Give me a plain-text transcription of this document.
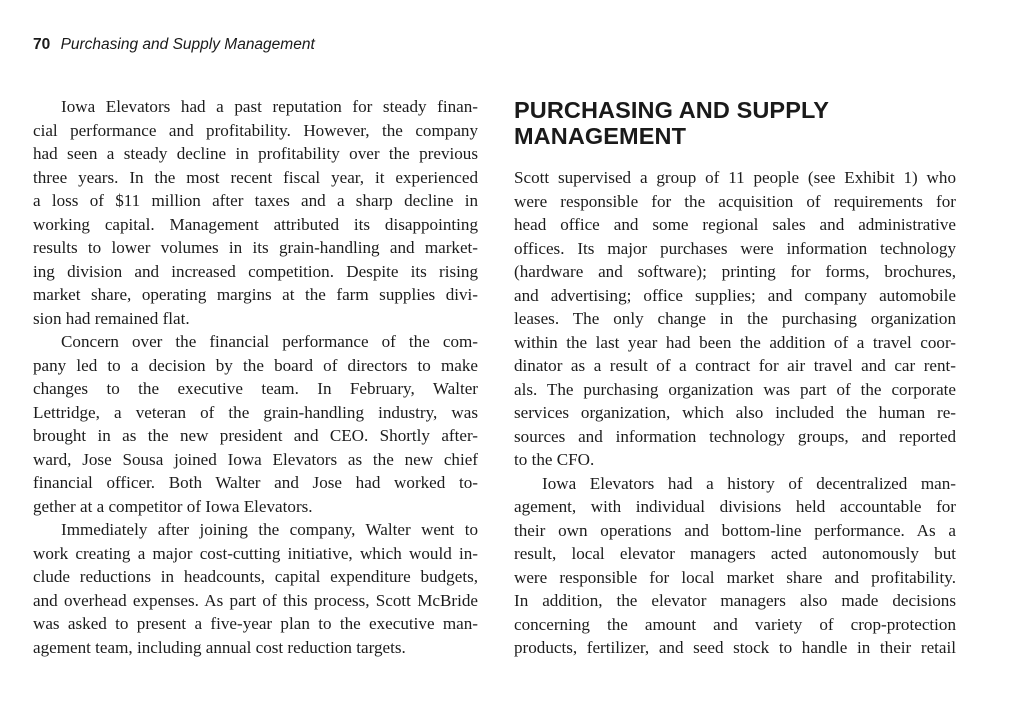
70 Purchasing and Supply Management
Iowa Elevators had a past reputation for steady finan-
cial performance and profitability. However, the company
had seen a steady decline in profitability over the previous
three years. In the most recent fiscal year, it experienced
a loss of $11 million after taxes and a sharp decline in
working capital. Management attributed its disappointing
results to lower volumes in its grain-handling and market-
ing division and increased competition. Despite its rising
market share, operating margins at the farm supplies divi-
sion had remained flat.
Concern over the financial performance of the com-
pany led to a decision by the board of directors to make
changes to the executive team. In February, Walter
Lettridge, a veteran of the grain-handling industry, was
brought in as the new president and CEO. Shortly after-
ward, Jose Sousa joined Iowa Elevators as the new chief
financial officer. Both Walter and Jose had worked to-
gether at a competitor of Iowa Elevators.
Immediately after joining the company, Walter went to
work creating a major cost-cutting initiative, which would in-
clude reductions in headcounts, capital expenditure budgets,
and overhead expenses. As part of this process, Scott McBride
was asked to present a five-year plan to the executive man-
agement team, including annual cost reduction targets.
PURCHASING AND SUPPLY
MANAGEMENT
Scott supervised a group of 11 people (see Exhibit 1) who
were responsible for the acquisition of requirements for
head office and some regional sales and administrative
offices. Its major purchases were information technology
(hardware and software); printing for forms, brochures,
and advertising; office supplies; and company automobile
leases. The only change in the purchasing organization
within the last year had been the addition of a travel coor-
dinator as a result of a contract for air travel and car rent-
als. The purchasing organization was part of the corporate
services organization, which also included the human re-
sources and information technology groups, and reported
to the CFO.
Iowa Elevators had a history of decentralized man-
agement, with individual divisions held accountable for
their own operations and bottom-line performance. As a
result, local elevator managers acted autonomously but
were responsible for local market share and profitability.
In addition, the elevator managers also made decisions
concerning the amount and variety of crop-protection
products, fertilizer, and seed stock to handle in their retail
